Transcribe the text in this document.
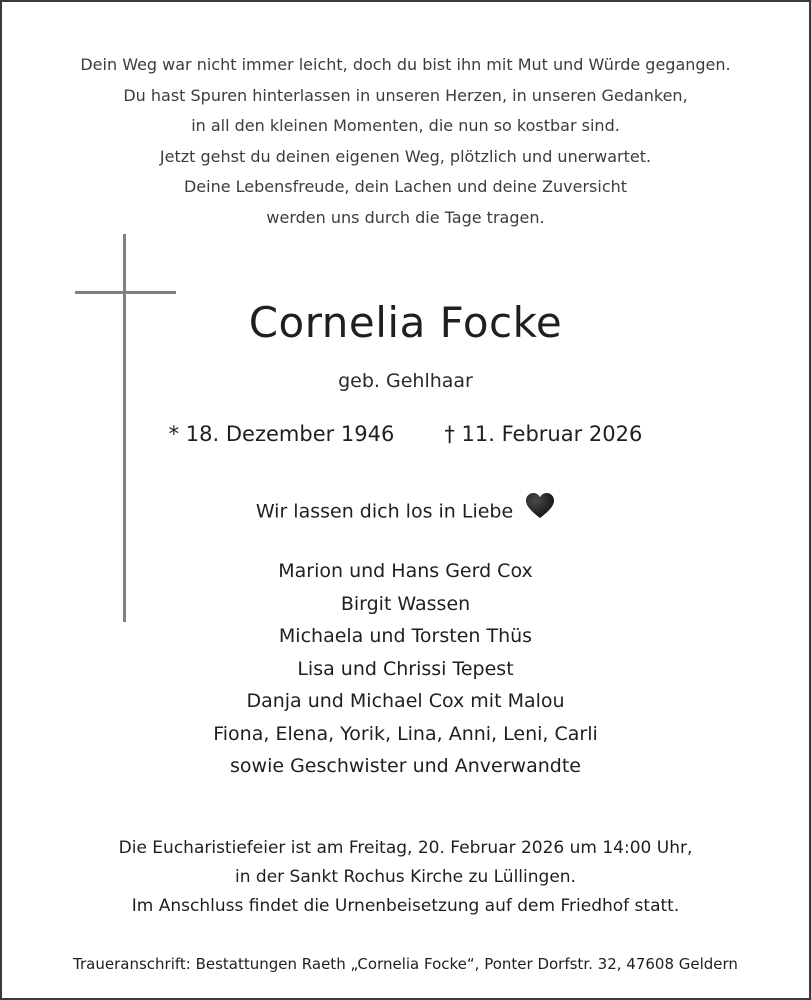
Dein Weg war nicht immer leicht, doch du bist ihn mit Mut und Würde gegangen.
Du hast Spuren hinterlassen in unseren Herzen, in unseren Gedanken,
in all den kleinen Momenten, die nun so kostbar sind.
Jetzt gehst du deinen eigenen Weg, plötzlich und unerwartet.
Deine Lebensfreude, dein Lachen und deine Zuversicht
werden uns durch die Tage tragen.
Cornelia Focke
geb. Gehlhaar
* 18. Dezember 1946 † 11. Februar 2026
Wir lassen dich los in Liebe
Marion und Hans Gerd Cox
Birgit Wassen
Michaela und Torsten Thüs
Lisa und Chrissi Tepest
Danja und Michael Cox mit Malou
Fiona, Elena, Yorik, Lina, Anni, Leni, Carli
sowie Geschwister und Anverwandte
Die Eucharistiefeier ist am Freitag, 20. Februar 2026 um 14:00 Uhr,
in der Sankt Rochus Kirche zu Lüllingen.
Im Anschluss findet die Urnenbeisetzung auf dem Friedhof statt.
Traueranschrift: Bestattungen Raeth „Cornelia Focke“, Ponter Dorfstr. 32, 47608 Geldern
